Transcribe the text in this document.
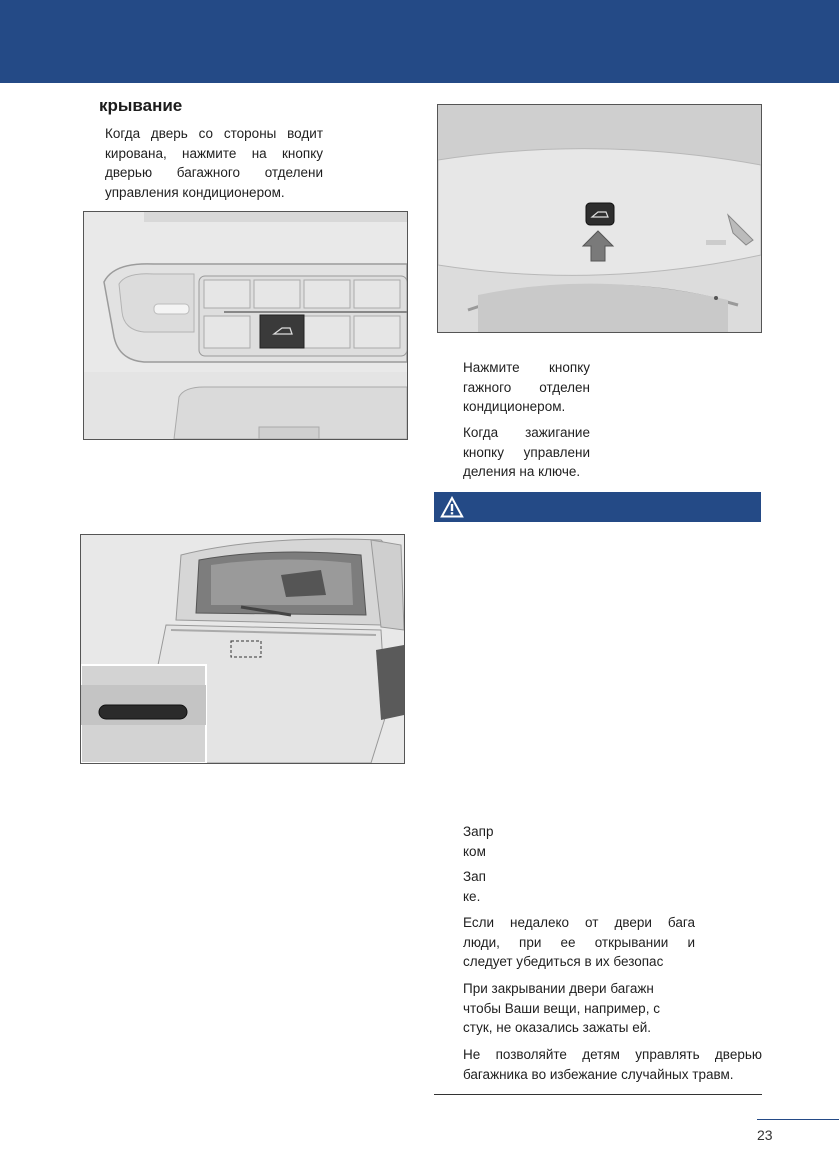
крывание
Когда дверь со стороны водит
кирована, нажмите на кнопку
дверью багажного отделени
управления кондиционером.
Нажмите кнопку
гажного отделен
кондиционером.
Когда зажигание
кнопку управлени
деления на ключе.
Запр
ком
Зап
ке.
Если недалеко от двери бага
люди, при ее открывании и
следует убедиться в их безопас
При закрывании двери багажн
чтобы Ваши вещи, например, с
стук, не оказались зажаты ей.
Не позволяйте детям управлять дверью
багажника во избежание случайных травм.
23
